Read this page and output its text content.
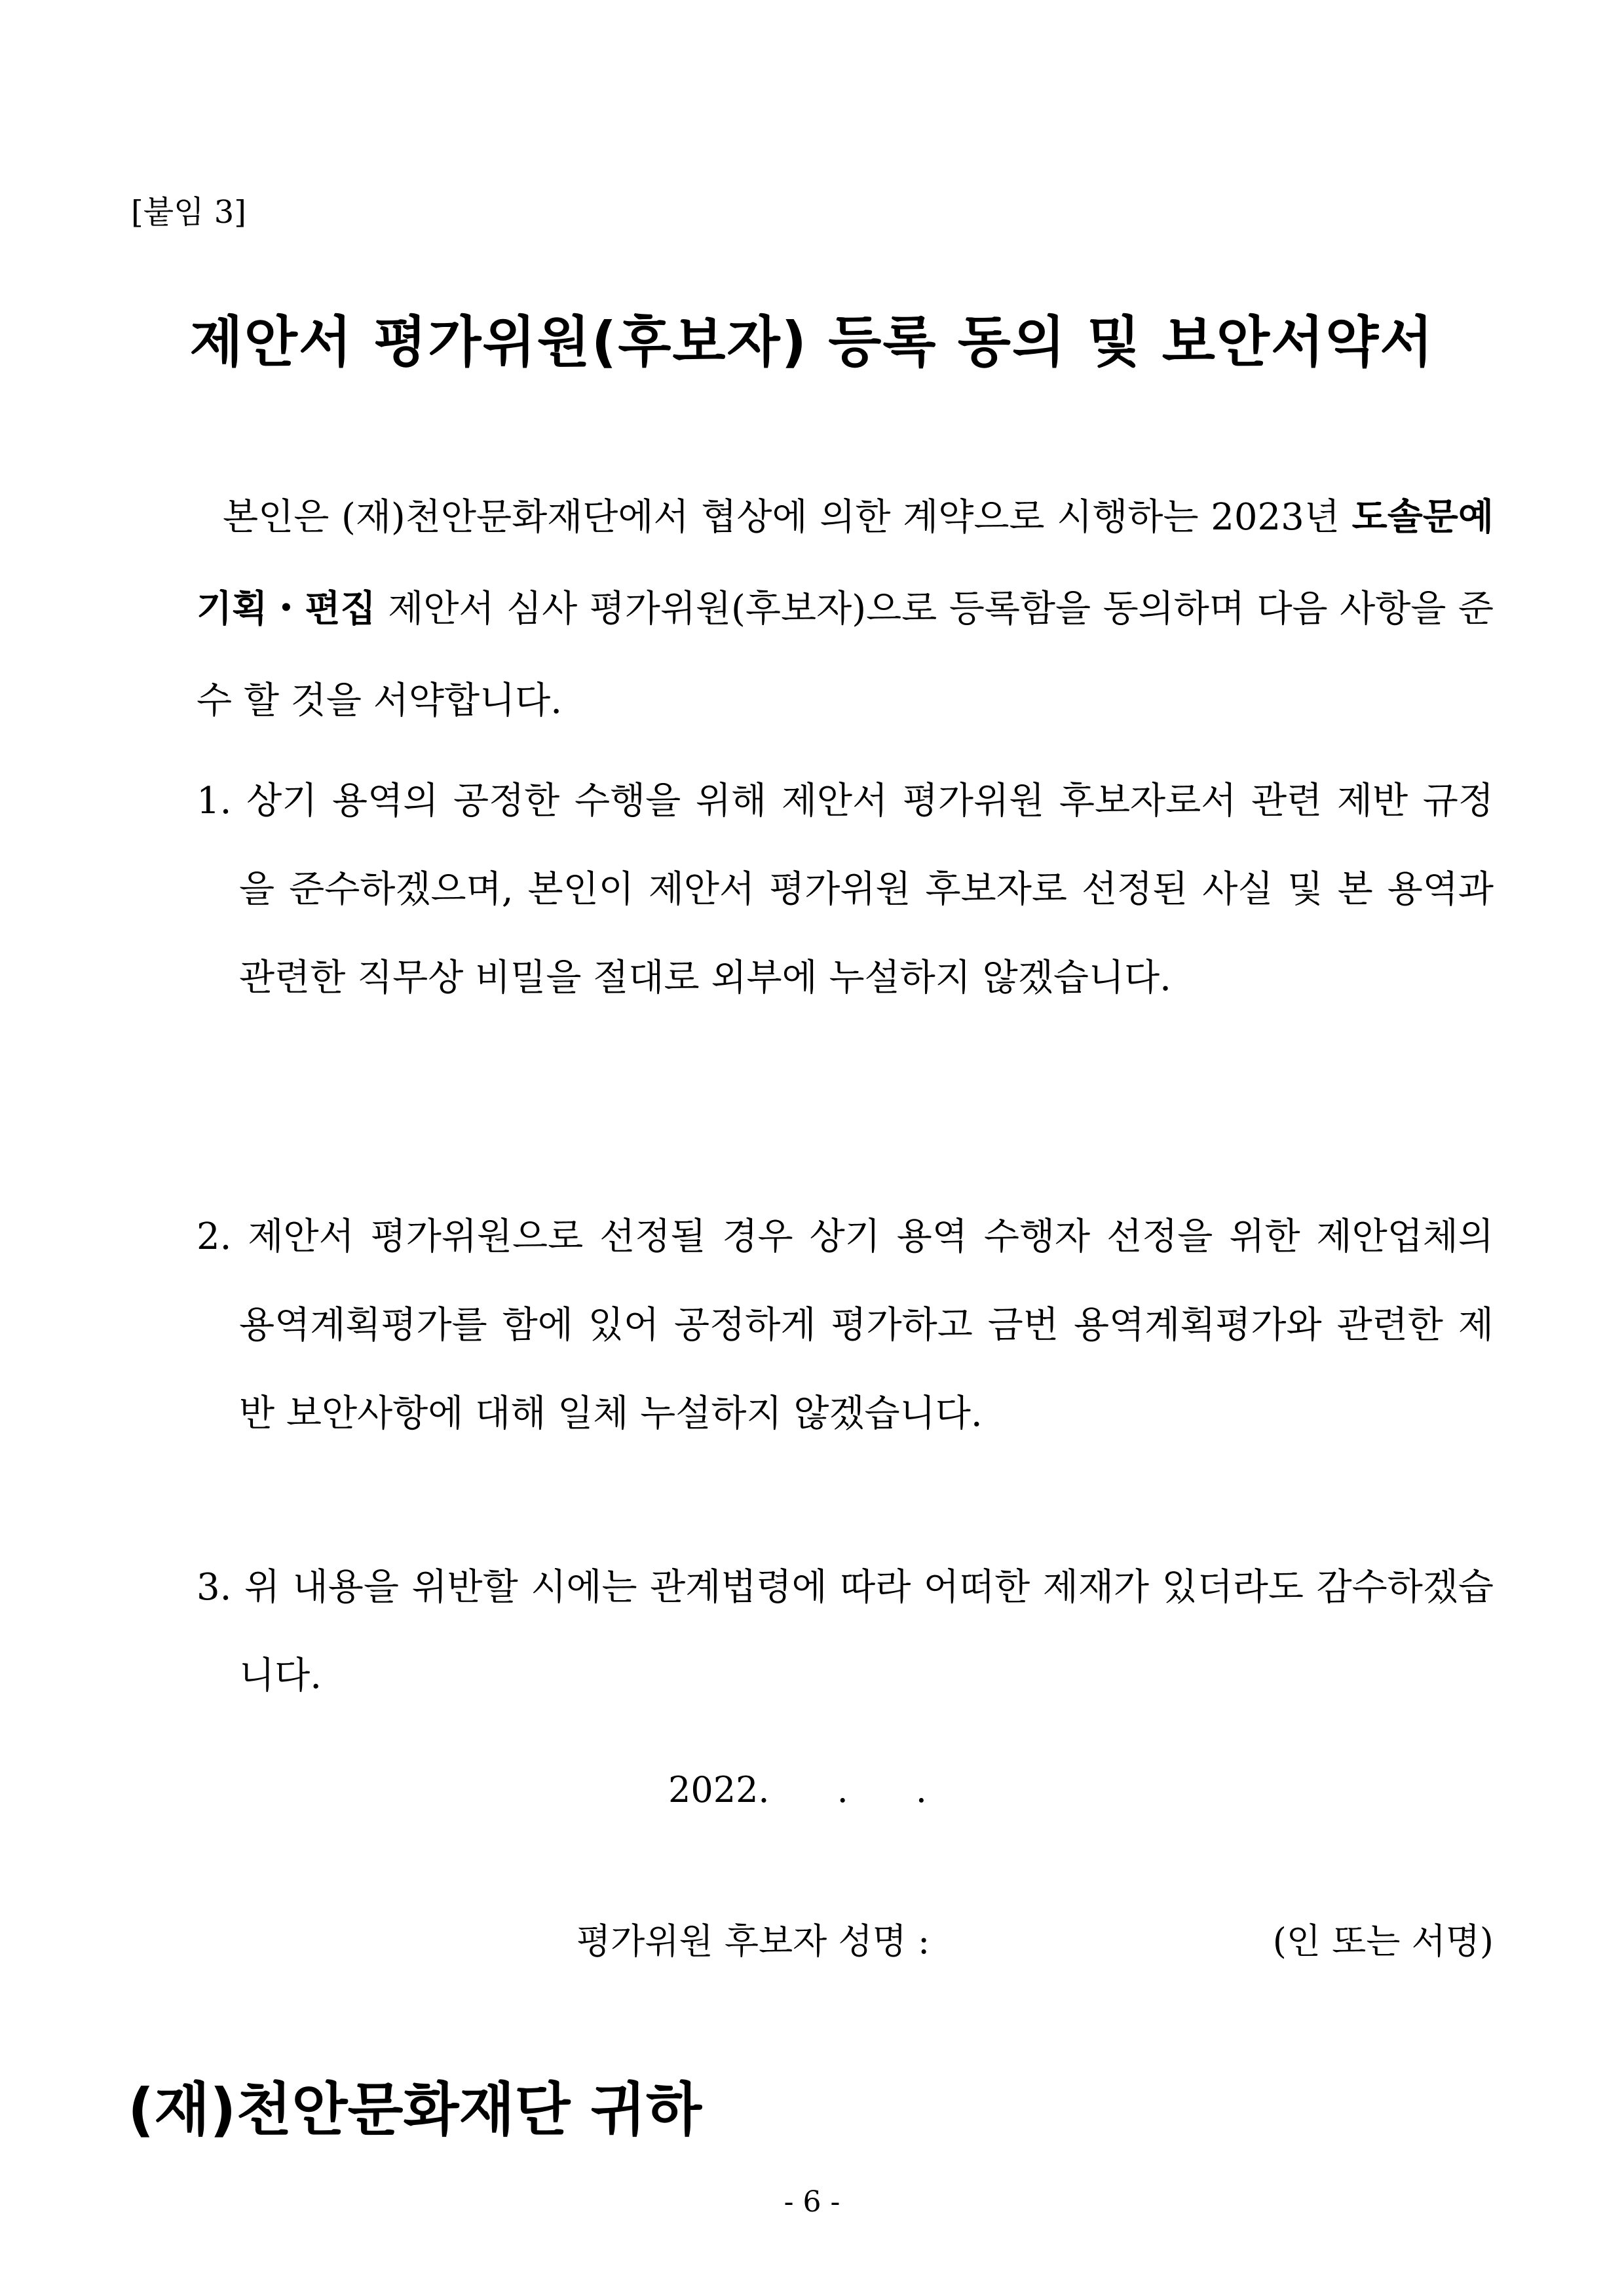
[붙임 3]
제안서 평가위원(후보자) 등록 동의 및 보안서약서
본인은 (재)천안문화재단에서 협상에 의한 계약으로 시행하는 2023년 도솔문예 기획・편집 제안서 심사 평가위원(후보자)으로 등록함을 동의하며 다음 사항을 준수 할 것을 서약합니다.
1. 상기 용역의 공정한 수행을 위해 제안서 평가위원 후보자로서 관련 제반 규정을 준수하겠으며, 본인이 제안서 평가위원 후보자로 선정된 사실 및 본 용역과 관련한 직무상 비밀을 절대로 외부에 누설하지 않겠습니다.
2. 제안서 평가위원으로 선정될 경우 상기 용역 수행자 선정을 위한 제안업체의 용역계획평가를 함에 있어 공정하게 평가하고 금번 용역계획평가와 관련한 제반 보안사항에 대해 일체 누설하지 않겠습니다.
3. 위 내용을 위반할 시에는 관계법령에 따라 어떠한 제재가 있더라도 감수하겠습니다.
2022.      .      .
평가위원 후보자 성명 :	(인 또는 서명)
(재)천안문화재단 귀하
- 6 -
